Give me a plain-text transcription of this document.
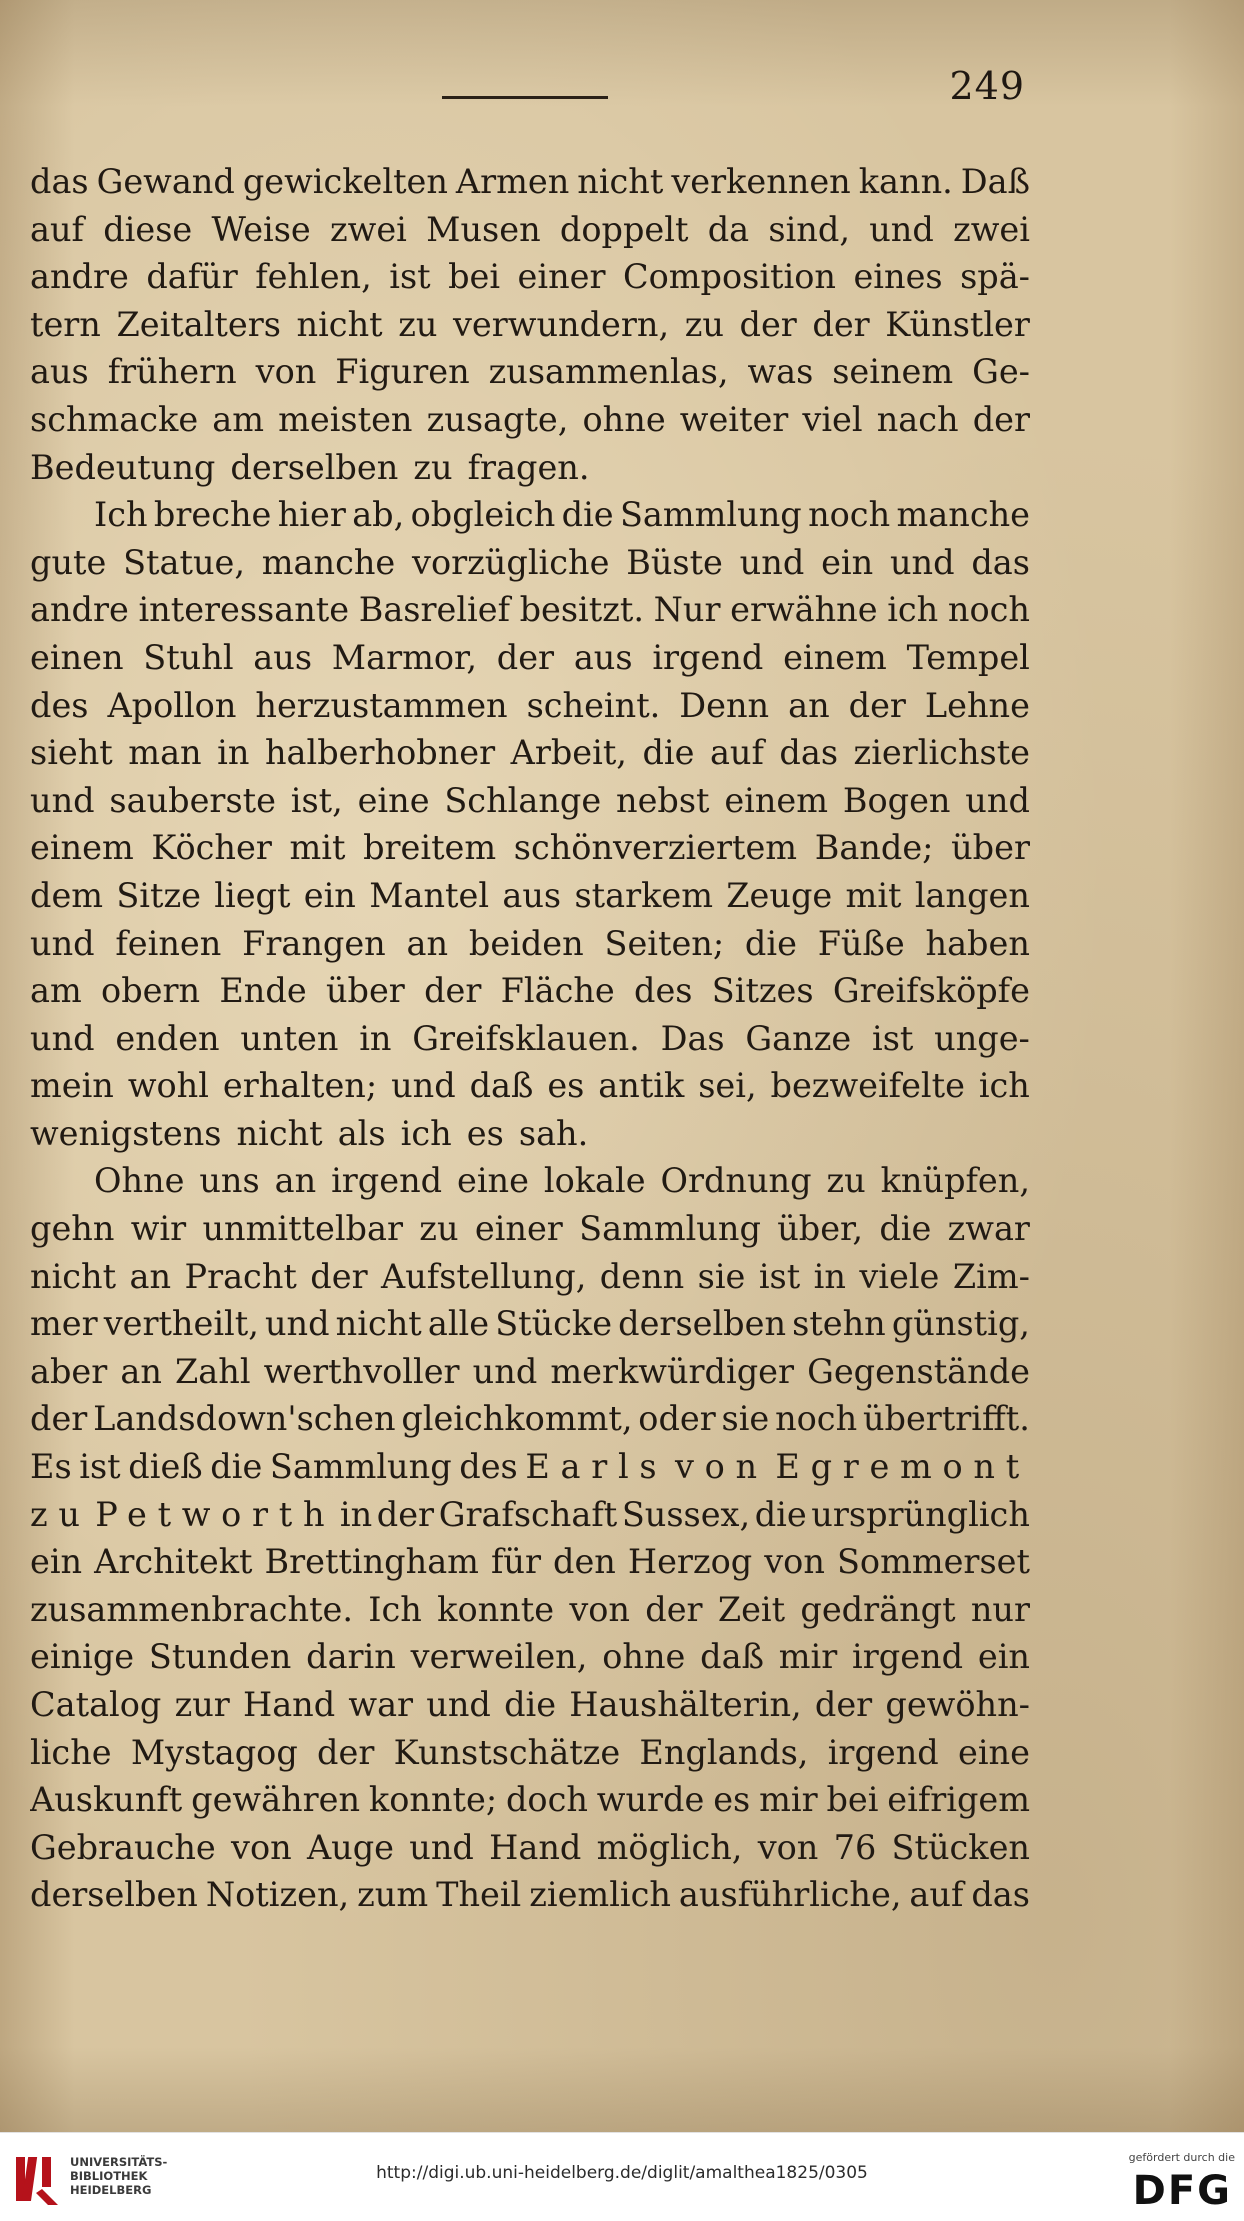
249
das Gewand gewickelten Armen nicht verkennen kann. Daß
auf diese Weise zwei Musen doppelt da sind, und zwei
andre dafür fehlen, ist bei einer Composition eines spä-
tern Zeitalters nicht zu verwundern, zu der der Künstler
aus frühern von Figuren zusammenlas, was seinem Ge-
schmacke am meisten zusagte, ohne weiter viel nach der
Bedeutung derselben zu fragen.
Ich breche hier ab, obgleich die Sammlung noch manche
gute Statue, manche vorzügliche Büste und ein und das
andre interessante Basrelief besitzt. Nur erwähne ich noch
einen Stuhl aus Marmor, der aus irgend einem Tempel
des Apollon herzustammen scheint. Denn an der Lehne
sieht man in halberhobner Arbeit, die auf das zierlichste
und sauberste ist, eine Schlange nebst einem Bogen und
einem Köcher mit breitem schönverziertem Bande; über
dem Sitze liegt ein Mantel aus starkem Zeuge mit langen
und feinen Frangen an beiden Seiten; die Füße haben
am obern Ende über der Fläche des Sitzes Greifsköpfe
und enden unten in Greifsklauen. Das Ganze ist unge-
mein wohl erhalten; und daß es antik sei, bezweifelte ich
wenigstens nicht als ich es sah.
Ohne uns an irgend eine lokale Ordnung zu knüpfen,
gehn wir unmittelbar zu einer Sammlung über, die zwar
nicht an Pracht der Aufstellung, denn sie ist in viele Zim-
mer vertheilt, und nicht alle Stücke derselben stehn günstig,
aber an Zahl werthvoller und merkwürdiger Gegenstände
der Landsdown'schen gleichkommt, oder sie noch übertrifft.
Es ist dieß die Sammlung des Earls von Egremont
zu Petworth in der Grafschaft Sussex, die ursprünglich
ein Architekt Brettingham für den Herzog von Sommerset
zusammenbrachte. Ich konnte von der Zeit gedrängt nur
einige Stunden darin verweilen, ohne daß mir irgend ein
Catalog zur Hand war und die Haushälterin, der gewöhn-
liche Mystagog der Kunstschätze Englands, irgend eine
Auskunft gewähren konnte; doch wurde es mir bei eifrigem
Gebrauche von Auge und Hand möglich, von 76 Stücken
derselben Notizen, zum Theil ziemlich ausführliche, auf das
UNIVERSITÄTS-
BIBLIOTHEK
HEIDELBERG
http://digi.ub.uni-heidelberg.de/diglit/amalthea1825/0305
gefördert durch die
DFG
